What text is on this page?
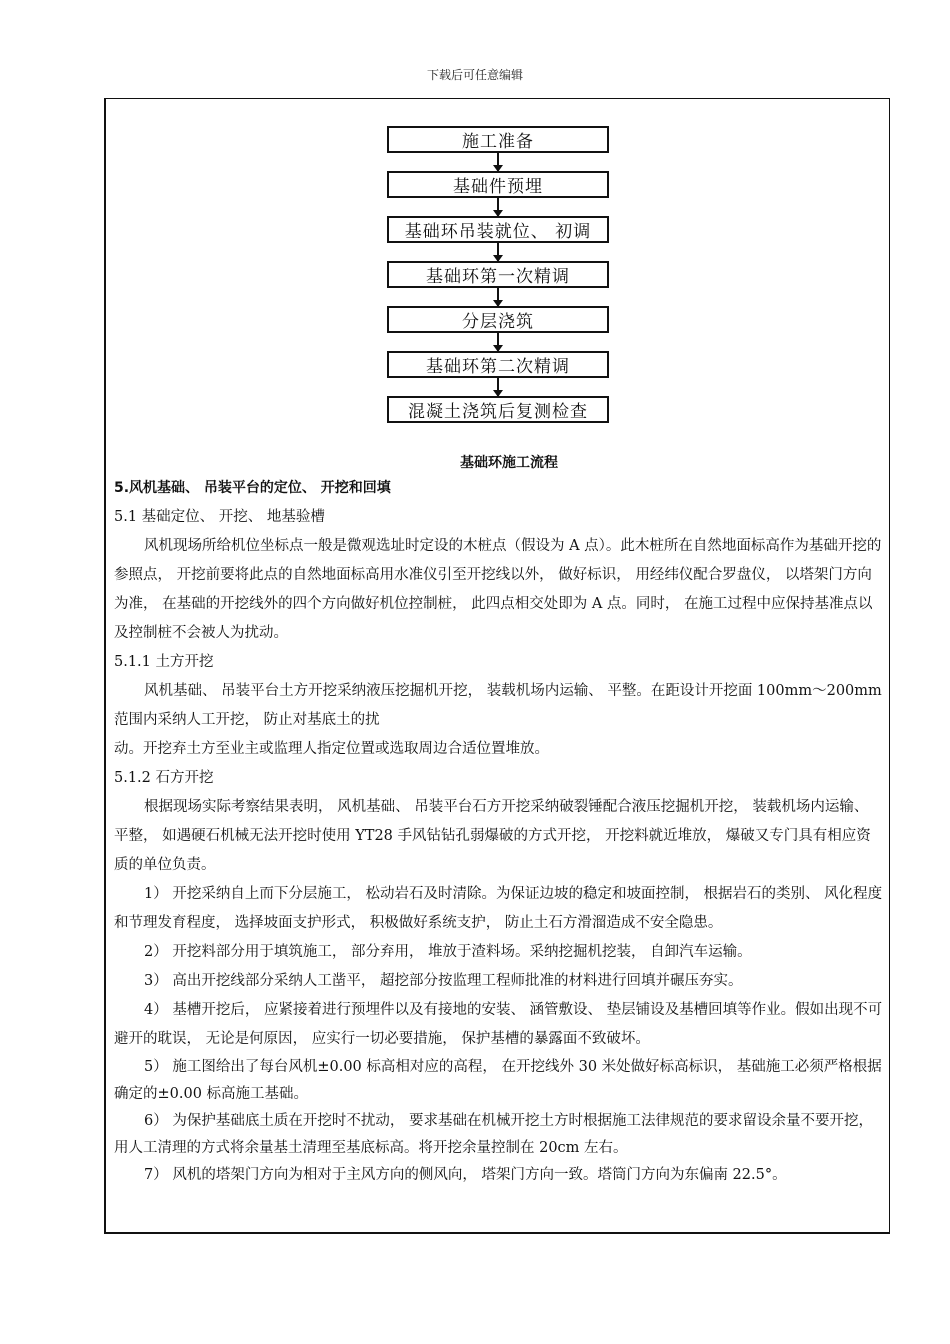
下载后可任意编辑
施工准备
基础件预埋
基础环吊装就位、 初调
基础环第一次精调
分层浇筑
基础环第二次精调
混凝土浇筑后复测检查
基础环施工流程

5.风机基础、 吊装平台的定位、 开挖和回填

5.1 基础定位、 开挖、 地基验槽

风机现场所给机位坐标点一般是微观选址时定设的木桩点（假设为 A 点）。此木桩所在自然地面标高作为基础开挖的参照点， 开挖前要将此点的自然地面标高用水准仪引至开挖线以外， 做好标识， 用经纬仪配合罗盘仪， 以塔架门方向为准， 在基础的开挖线外的四个方向做好机位控制桩， 此四点相交处即为 A 点。同时， 在施工过程中应保持基准点以及控制桩不会被人为扰动。

5.1.1 土方开挖

风机基础、 吊装平台土方开挖采纳液压挖掘机开挖， 装载机场内运输、 平整。在距设计开挖面 100mm～200mm 范围内采纳人工开挖， 防止对基底土的扰

动。开挖弃土方至业主或监理人指定位置或选取周边合适位置堆放。

5.1.2 石方开挖

根据现场实际考察结果表明， 风机基础、 吊装平台石方开挖采纳破裂锤配合液压挖掘机开挖， 装载机场内运输、 平整， 如遇硬石机械无法开挖时使用 YT28 手风钻钻孔弱爆破的方式开挖， 开挖料就近堆放， 爆破又专门具有相应资质的单位负责。

1） 开挖采纳自上而下分层施工， 松动岩石及时清除。为保证边坡的稳定和坡面控制， 根据岩石的类别、 风化程度和节理发育程度， 选择坡面支护形式， 积极做好系统支护， 防止土石方滑溜造成不安全隐患。

2） 开挖料部分用于填筑施工， 部分弃用， 堆放于渣料场。采纳挖掘机挖装， 自卸汽车运输。

3） 高出开挖线部分采纳人工凿平， 超挖部分按监理工程师批准的材料进行回填并碾压夯实。

4） 基槽开挖后， 应紧接着进行预埋件以及有接地的安装、 涵管敷设、 垫层铺设及基槽回填等作业。假如出现不可避开的耽误， 无论是何原因， 应实行一切必要措施， 保护基槽的暴露面不致破坏。

5） 施工图给出了每台风机±0.00 标高相对应的高程， 在开挖线外 30 米处做好标高标识， 基础施工必须严格根据确定的±0.00 标高施工基础。

6） 为保护基础底土质在开挖时不扰动， 要求基础在机械开挖土方时根据施工法律规范的要求留设余量不要开挖， 用人工清理的方式将余量基土清理至基底标高。将开挖余量控制在 20cm 左右。

7） 风机的塔架门方向为相对于主风方向的侧风向， 塔架门方向一致。塔筒门方向为东偏南 22.5°。
